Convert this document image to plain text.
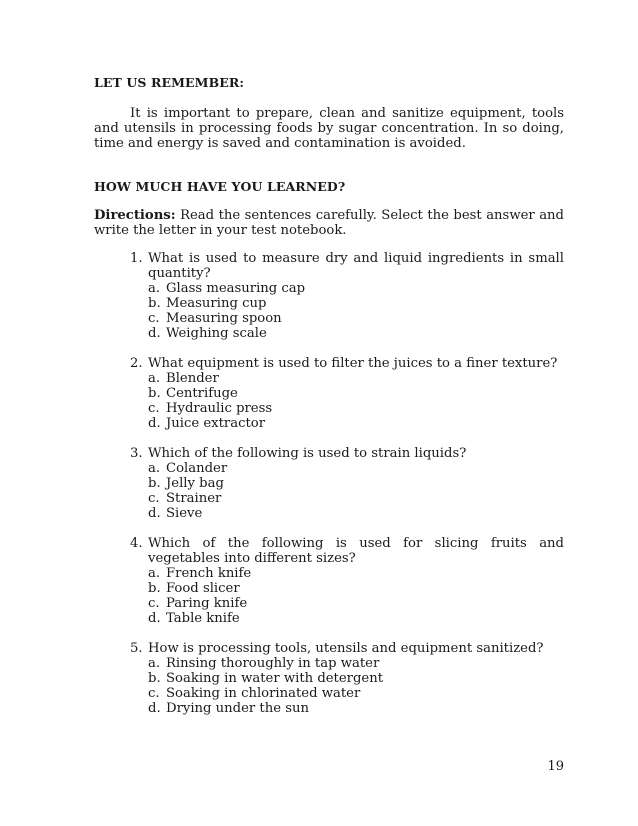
LET US REMEMBER:

It is important to prepare, clean and sanitize equipment, tools and utensils in processing foods by sugar concentration. In so doing, time and energy is saved and contamination is avoided.

HOW MUCH HAVE YOU LEARNED?

Directions: Read the sentences carefully. Select the best answer and write the letter in your test notebook.

1. What is used to measure dry and liquid ingredients in small quantity?
a. Glass measuring cap
b. Measuring cup
c. Measuring spoon
d. Weighing scale
2. What equipment is used to filter the juices to a finer texture?
a. Blender
b. Centrifuge
c. Hydraulic press
d. Juice extractor
3. Which of the following is used to strain liquids?
a. Colander
b. Jelly bag
c. Strainer
d. Sieve
4. Which of the following is used for slicing fruits and vegetables into different sizes?
a. French knife
b. Food slicer
c. Paring knife
d. Table knife
5. How is processing tools, utensils and equipment sanitized?
a. Rinsing thoroughly in tap water
b. Soaking in water with detergent
c. Soaking in chlorinated water
d. Drying under the sun
19
